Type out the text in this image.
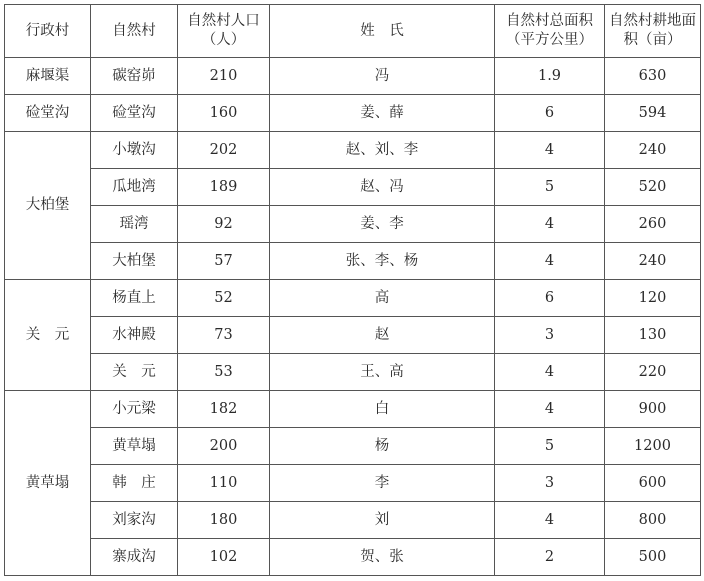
行政村	自然村	自然村人口（人）	姓　氏	自然村总面积（平方公里）	自然村耕地面积（亩）
麻堰渠	碳窑峁	210	冯	1.9	630
硷堂沟	硷堂沟	160	姜、薛	6	594
大柏堡	小墩沟	202	赵、刘、李	4	240
	瓜地湾	189	赵、冯	5	520
	瑶湾	92	姜、李	4	260
	大柏堡	57	张、李、杨	4	240
关　元	杨直上	52	高	6	120
	水神殿	73	赵	3	130
	关　元	53	王、高	4	220
黄草塌	小元梁	182	白	4	900
	黄草塌	200	杨	5	1200
	韩　庄	110	李	3	600
	刘家沟	180	刘	4	800
	寨成沟	102	贺、张	2	500
